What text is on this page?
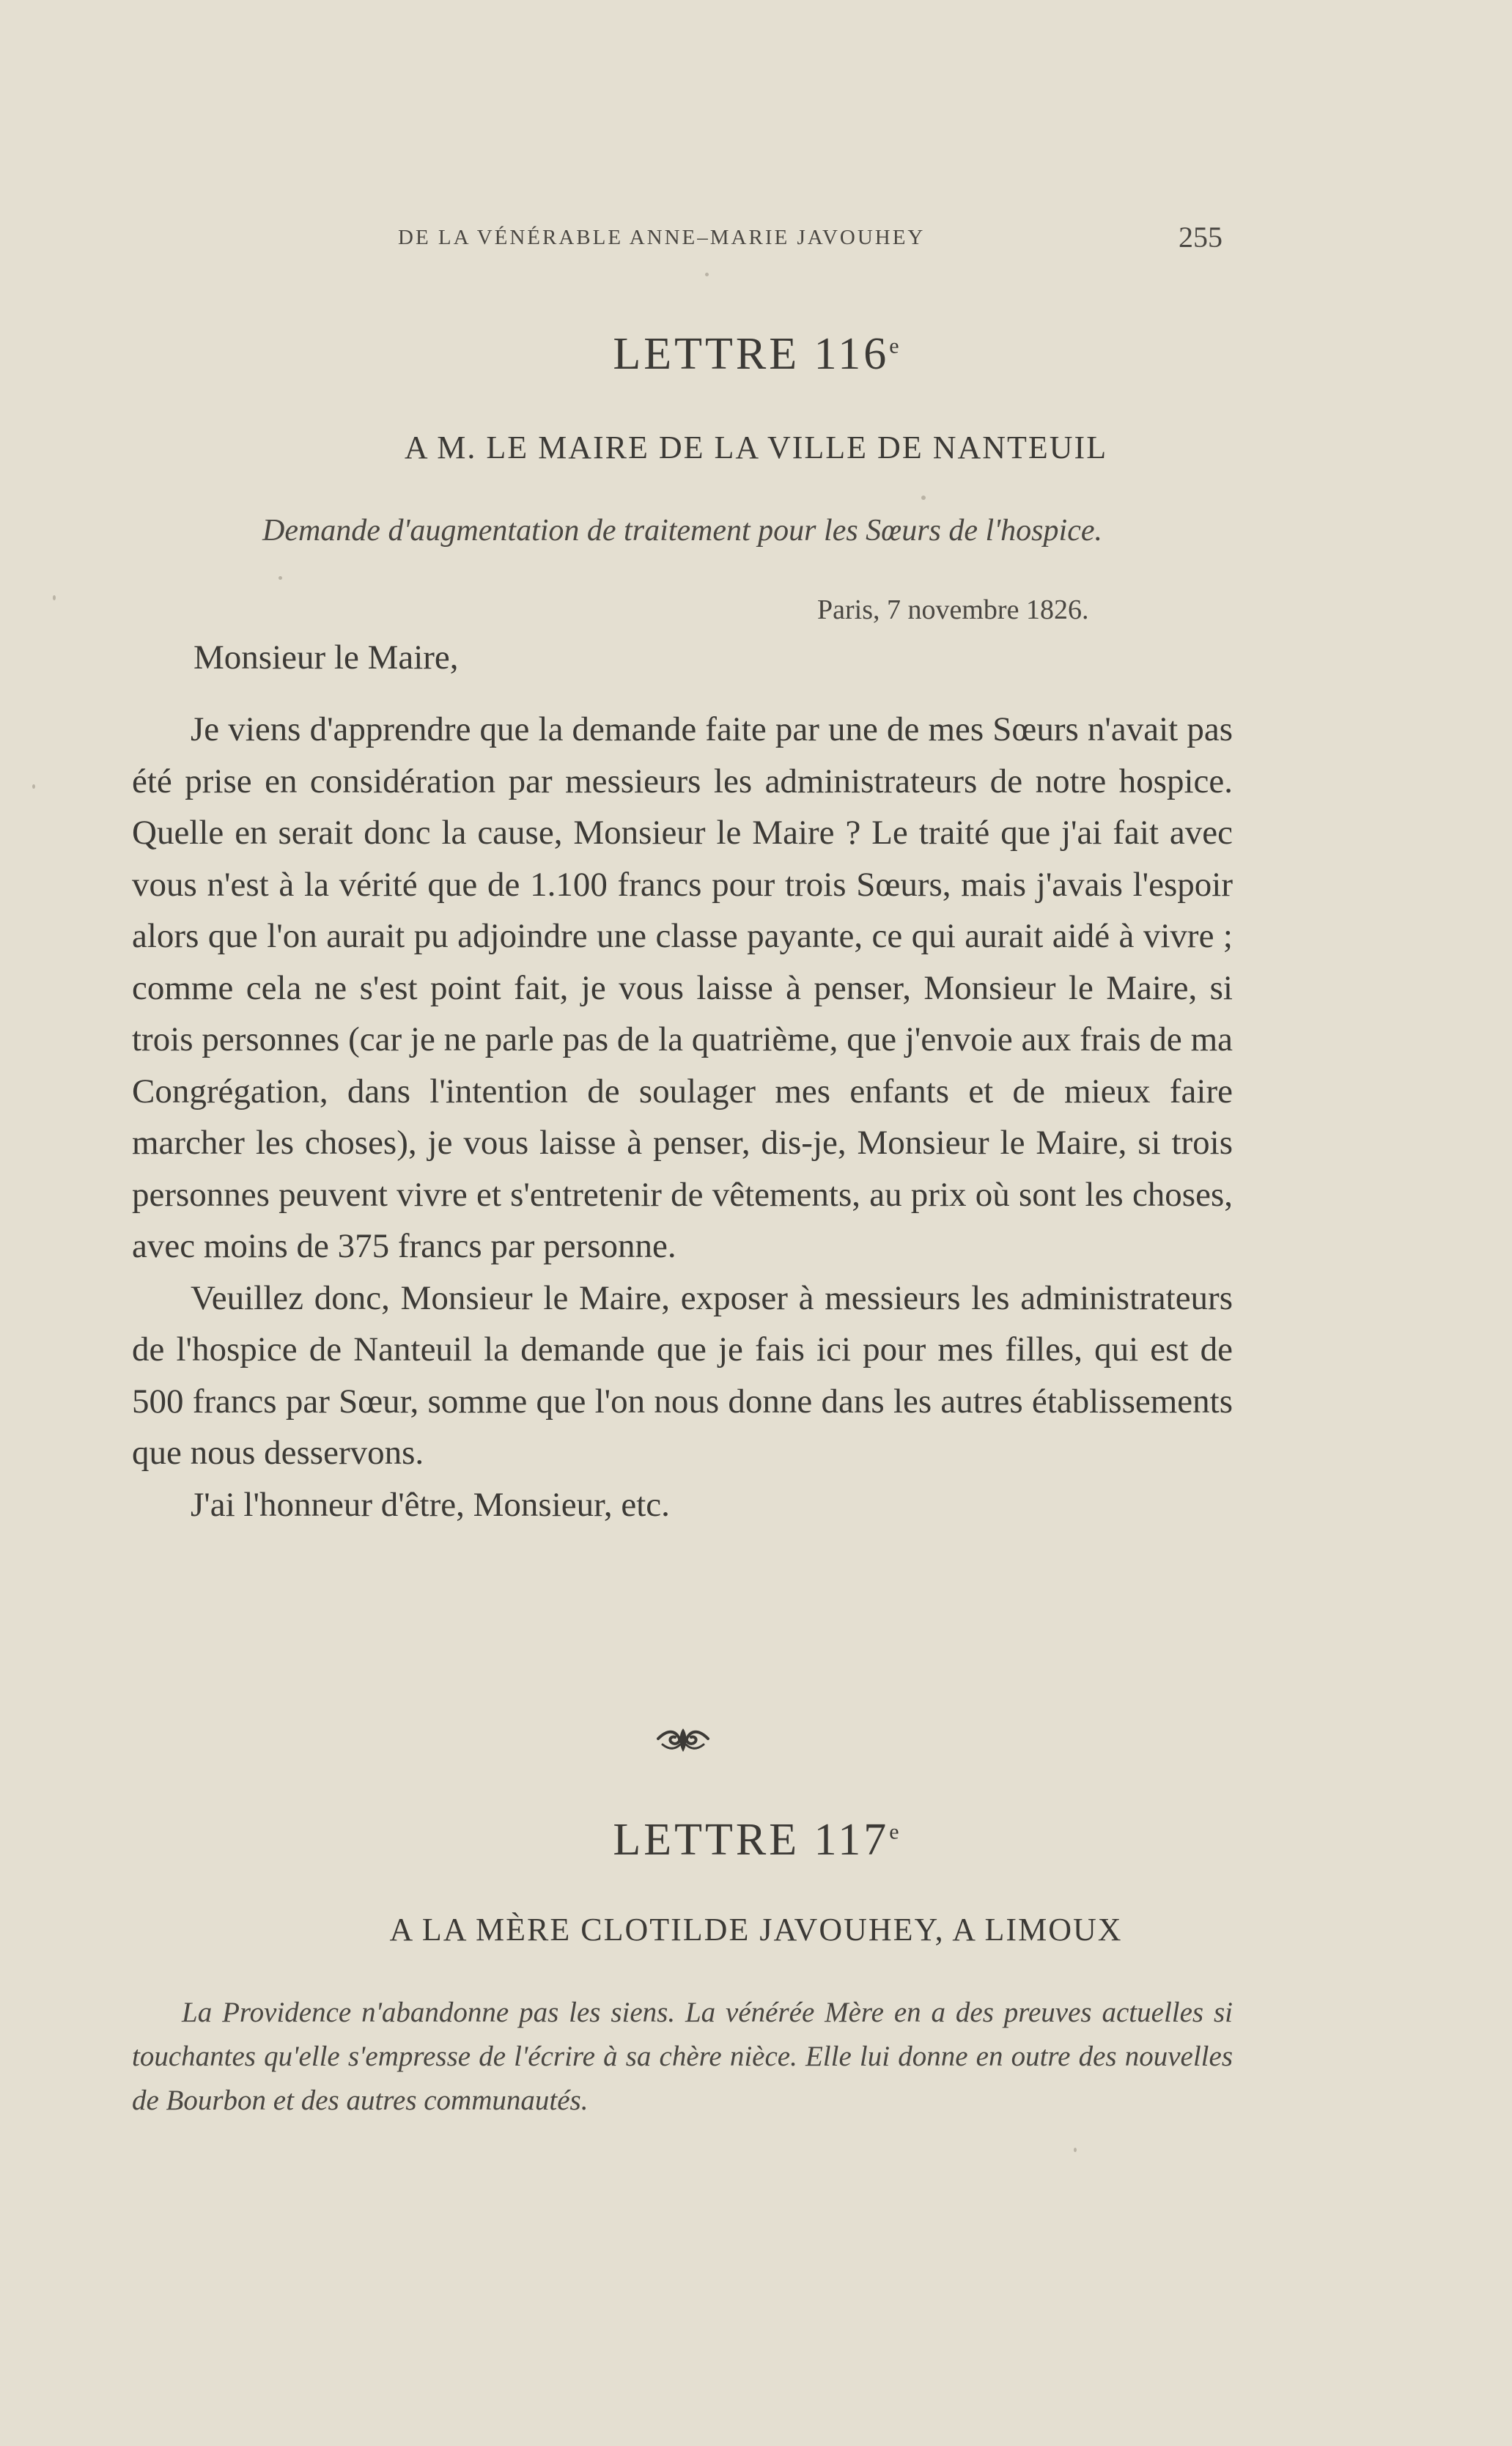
DE LA VÉNÉRABLE ANNE–MARIE JAVOUHEY	255
LETTRE 116e
A M. LE MAIRE DE LA VILLE DE NANTEUIL
Demande d'augmentation de traitement pour les Sœurs de l'hospice.
Paris, 7 novembre 1826.
Monsieur le Maire,

Je viens d'apprendre que la demande faite par une de mes Sœurs n'avait pas été prise en considération par messieurs les administrateurs de notre hospice. Quelle en serait donc la cause, Monsieur le Maire ? Le traité que j'ai fait avec vous n'est à la vérité que de 1.100 francs pour trois Sœurs, mais j'avais l'espoir alors que l'on aurait pu adjoindre une classe payante, ce qui aurait aidé à vivre ; comme cela ne s'est point fait, je vous laisse à penser, Monsieur le Maire, si trois personnes (car je ne parle pas de la quatrième, que j'envoie aux frais de ma Congrégation, dans l'intention de soulager mes enfants et de mieux faire marcher les choses), je vous laisse à penser, dis-je, Monsieur le Maire, si trois personnes peuvent vivre et s'entretenir de vêtements, au prix où sont les choses, avec moins de 375 francs par personne.

Veuillez donc, Monsieur le Maire, exposer à messieurs les administrateurs de l'hospice de Nanteuil la demande que je fais ici pour mes filles, qui est de 500 francs par Sœur, somme que l'on nous donne dans les autres établissements que nous desservons.

J'ai l'honneur d'être, Monsieur, etc.

LETTRE 117e
A LA MÈRE CLOTILDE JAVOUHEY, A LIMOUX

La Providence n'abandonne pas les siens. La vénérée Mère en a des preuves actuelles si touchantes qu'elle s'empresse de l'écrire à sa chère nièce. Elle lui donne en outre des nouvelles de Bourbon et des autres communautés.
